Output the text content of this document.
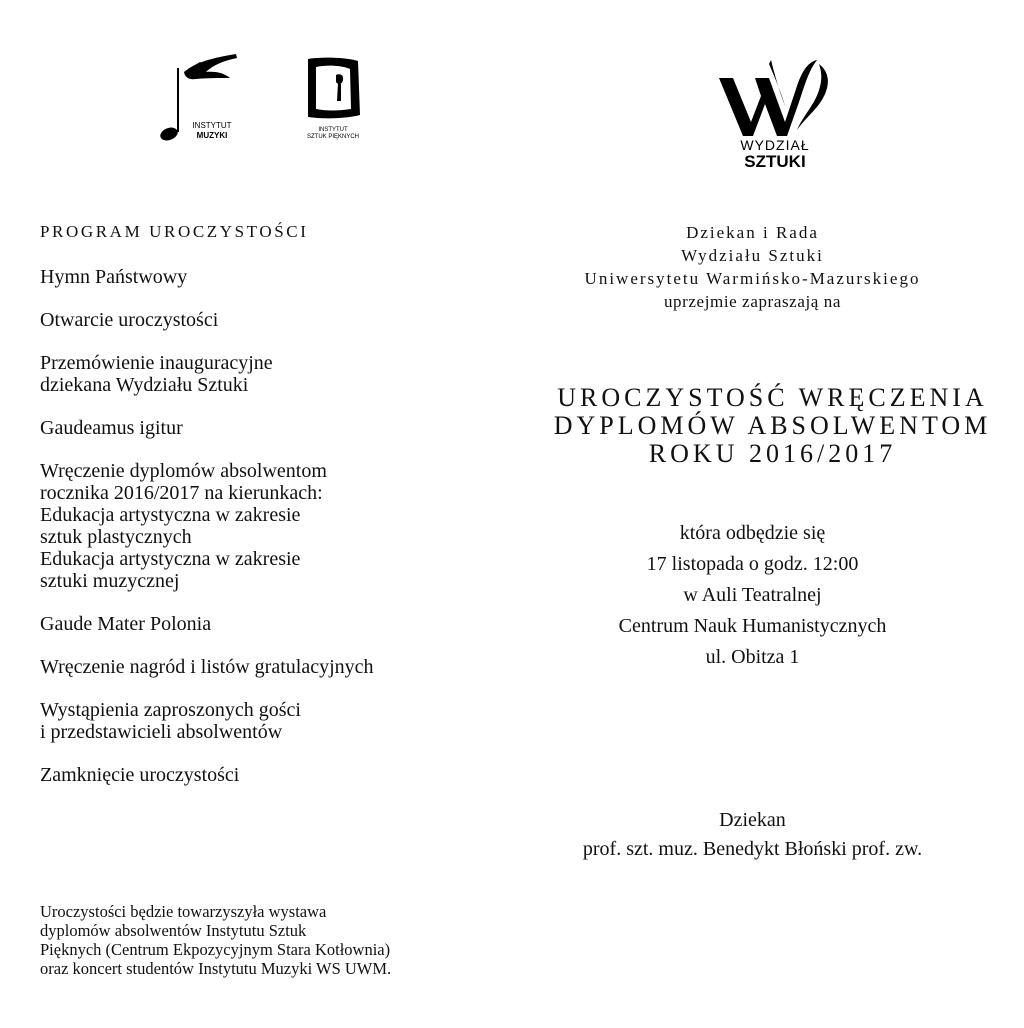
INSTYTUT
MUZYKI
INSTYTUT
SZTUK PIĘKNYCH	WYDZIAŁ
SZTUKI
PROGRAM UROCZYSTOŚCI
Hymn Państwowy
Otwarcie uroczystości
Przemówienie inauguracyjne
dziekana Wydziału Sztuki
Gaudeamus igitur
Wręczenie dyplomów absolwentom
rocznika 2016/2017 na kierunkach:
Edukacja artystyczna w zakresie
sztuk plastycznych
Edukacja artystyczna w zakresie
sztuki muzycznej
Gaude Mater Polonia
Wręczenie nagród i listów gratulacyjnych
Wystąpienia zaproszonych gości
i przedstawicieli absolwentów
Zamknięcie uroczystości
Uroczystości będzie towarzyszyła wystawa
dyplomów absolwentów Instytutu Sztuk
Pięknych (Centrum Ekpozycyjnym Stara Kotłownia)
oraz koncert studentów Instytutu Muzyki WS UWM.
Dziekan i Rada
Wydziału Sztuki
Uniwersytetu Warmińsko-Mazurskiego
uprzejmie zapraszają na
UROCZYSTOŚĆ WRĘCZENIA
DYPLOMÓW ABSOLWENTOM
ROKU 2016/2017
która odbędzie się
17 listopada o godz. 12:00
w Auli Teatralnej
Centrum Nauk Humanistycznych
ul. Obitza 1
Dziekan
prof. szt. muz. Benedykt Błoński prof. zw.
